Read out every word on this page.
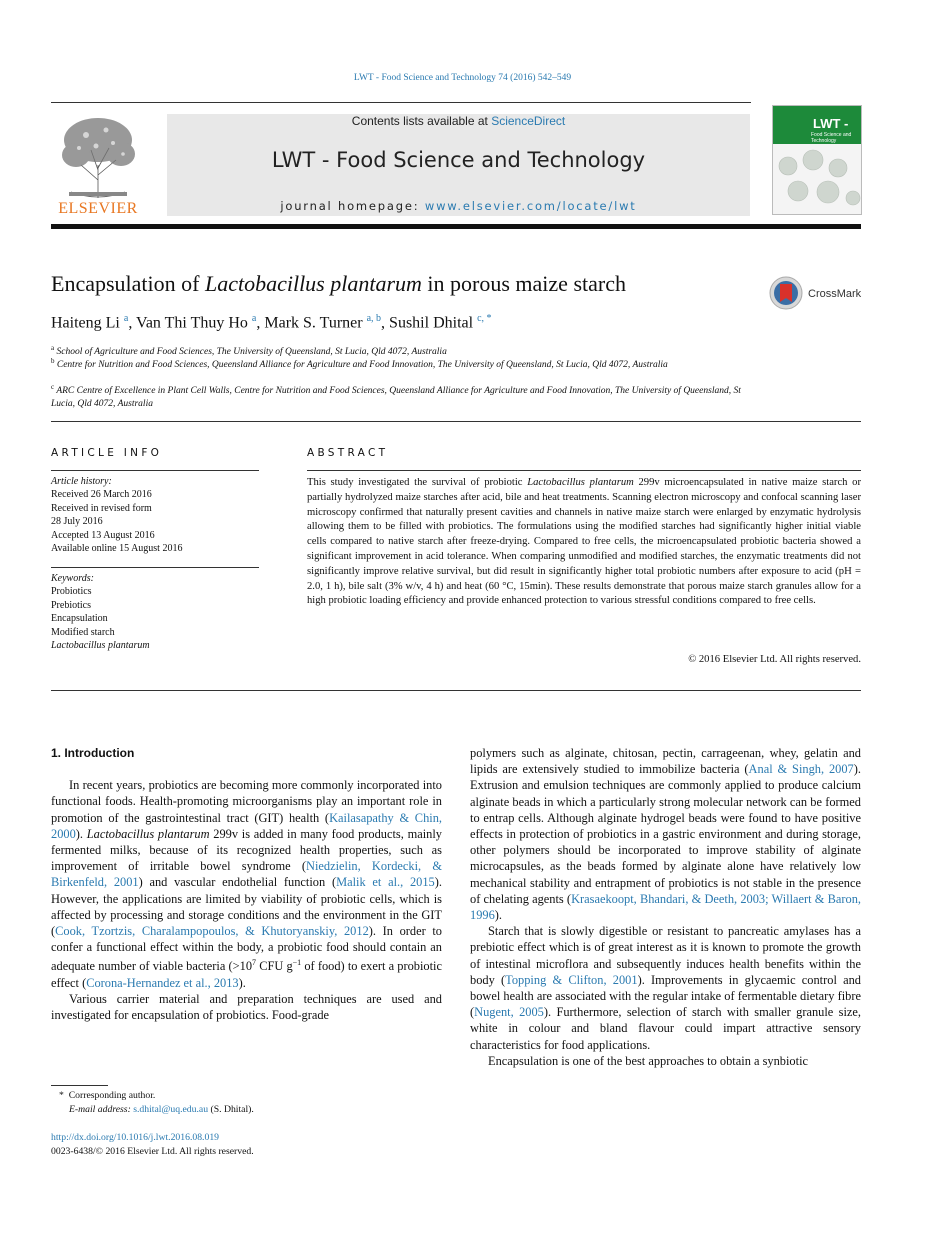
LWT - Food Science and Technology 74 (2016) 542–549
ELSEVIER
Contents lists available at ScienceDirect
LWT - Food Science and Technology
journal homepage: www.elsevier.com/locate/lwt
LWT -
Food Science and Technology
Encapsulation of Lactobacillus plantarum in porous maize starch	CrossMark
Haiteng Li $^a$, Van Thi Thuy Ho $^a$, Mark S. Turner $^{a, b}$, Sushil Dhital $^{c, *}$
$^a$ School of Agriculture and Food Sciences, The University of Queensland, St Lucia, Qld 4072, Australia
$^b$ Centre for Nutrition and Food Sciences, Queensland Alliance for Agriculture and Food Innovation, The University of Queensland, St Lucia, Qld 4072, Australia
$^c$ ARC Centre of Excellence in Plant Cell Walls, Centre for Nutrition and Food Sciences, Queensland Alliance for Agriculture and Food Innovation, The University of Queensland, St Lucia, Qld 4072, Australia
ARTICLE INFO
Article history:
Received 26 March 2016
Received in revised form
28 July 2016
Accepted 13 August 2016
Available online 15 August 2016
Keywords:
Probiotics
Prebiotics
Encapsulation
Modified starch
Lactobacillus plantarum
ABSTRACT
This study investigated the survival of probiotic Lactobacillus plantarum 299v microencapsulated in native maize starch or partially hydrolyzed maize starches after acid, bile and heat treatments. Scanning electron microscopy and confocal scanning laser microscopy confirmed that naturally present cavities and channels in native maize starch were enlarged by enzymatic hydrolysis allowing them to be filled with probiotics. The formulations using the modified starches had significantly higher initial viable cells compared to native starch after freeze-drying. Compared to free cells, the microencapsulated probiotic bacteria showed a significant improvement in acid tolerance. When comparing unmodified and modified starches, the enzymatic treatments did not significantly improve relative survival, but did result in significantly higher total probiotic numbers after exposure to acid (pH = 2.0, 1 h), bile salt (3% w/v, 4 h) and heat (60 °C, 15min). These results demonstrate that porous maize starch granules allow for a high probiotic loading efficiency and provide enhanced protection to various stressful conditions compared to free cells.
© 2016 Elsevier Ltd. All rights reserved.

1. Introduction

In recent years, probiotics are becoming more commonly incorporated into functional foods. Health-promoting microorganisms play an important role in promotion of the gastrointestinal tract (GIT) health (Kailasapathy & Chin, 2000). Lactobacillus plantarum 299v is added in many food products, mainly fermented milks, because of its recognized health properties, such as improvement of irritable bowel syndrome (Niedzielin, Kordecki, & Birkenfeld, 2001) and vascular endothelial function (Malik et al., 2015). However, the applications are limited by viability of probiotic cells, which is affected by processing and storage conditions and the environment in the GIT (Cook, Tzortzis, Charalampopoulos, & Khutoryanskiy, 2012). In order to confer a functional effect within the body, a probiotic food should contain an adequate number of viable bacteria ($>10^7$ CFU $g^{-1}$ of food) to exert a probiotic effect (Corona-Hernandez et al., 2013).

Various carrier material and preparation techniques are used and investigated for encapsulation of probiotics. Food-grade

polymers such as alginate, chitosan, pectin, carrageenan, whey, gelatin and lipids are extensively studied to immobilize bacteria (Anal & Singh, 2007). Extrusion and emulsion techniques are commonly applied to produce calcium alginate beads in which a particularly strong molecular network can be formed to entrap cells. Although alginate hydrogel beads were found to have positive effects in protection of probiotics in a gastric environment and during storage, other polymers should be incorporated to improve stability of alginate microcapsules, as the beads formed by alginate alone have relatively low mechanical stability and entrapment of probiotics is not stable in the presence of chelating agents (Krasaekoopt, Bhandari, & Deeth, 2003; Willaert & Baron, 1996).

Starch that is slowly digestible or resistant to pancreatic amylases has a prebiotic effect which is of great interest as it is known to promote the growth of intestinal microflora and subsequently induces health benefits within the body (Topping & Clifton, 2001). Improvements in glycaemic control and bowel health are associated with the regular intake of fermentable dietary fibre (Nugent, 2005). Furthermore, selection of starch with smaller granule size, white in colour and bland flavour could impart attractive sensory characteristics for food applications.

Encapsulation is one of the best approaches to obtain a synbiotic

* Corresponding author.
E-mail address: s.dhital@uq.edu.au (S. Dhital).
http://dx.doi.org/10.1016/j.lwt.2016.08.019
0023-6438/© 2016 Elsevier Ltd. All rights reserved.
